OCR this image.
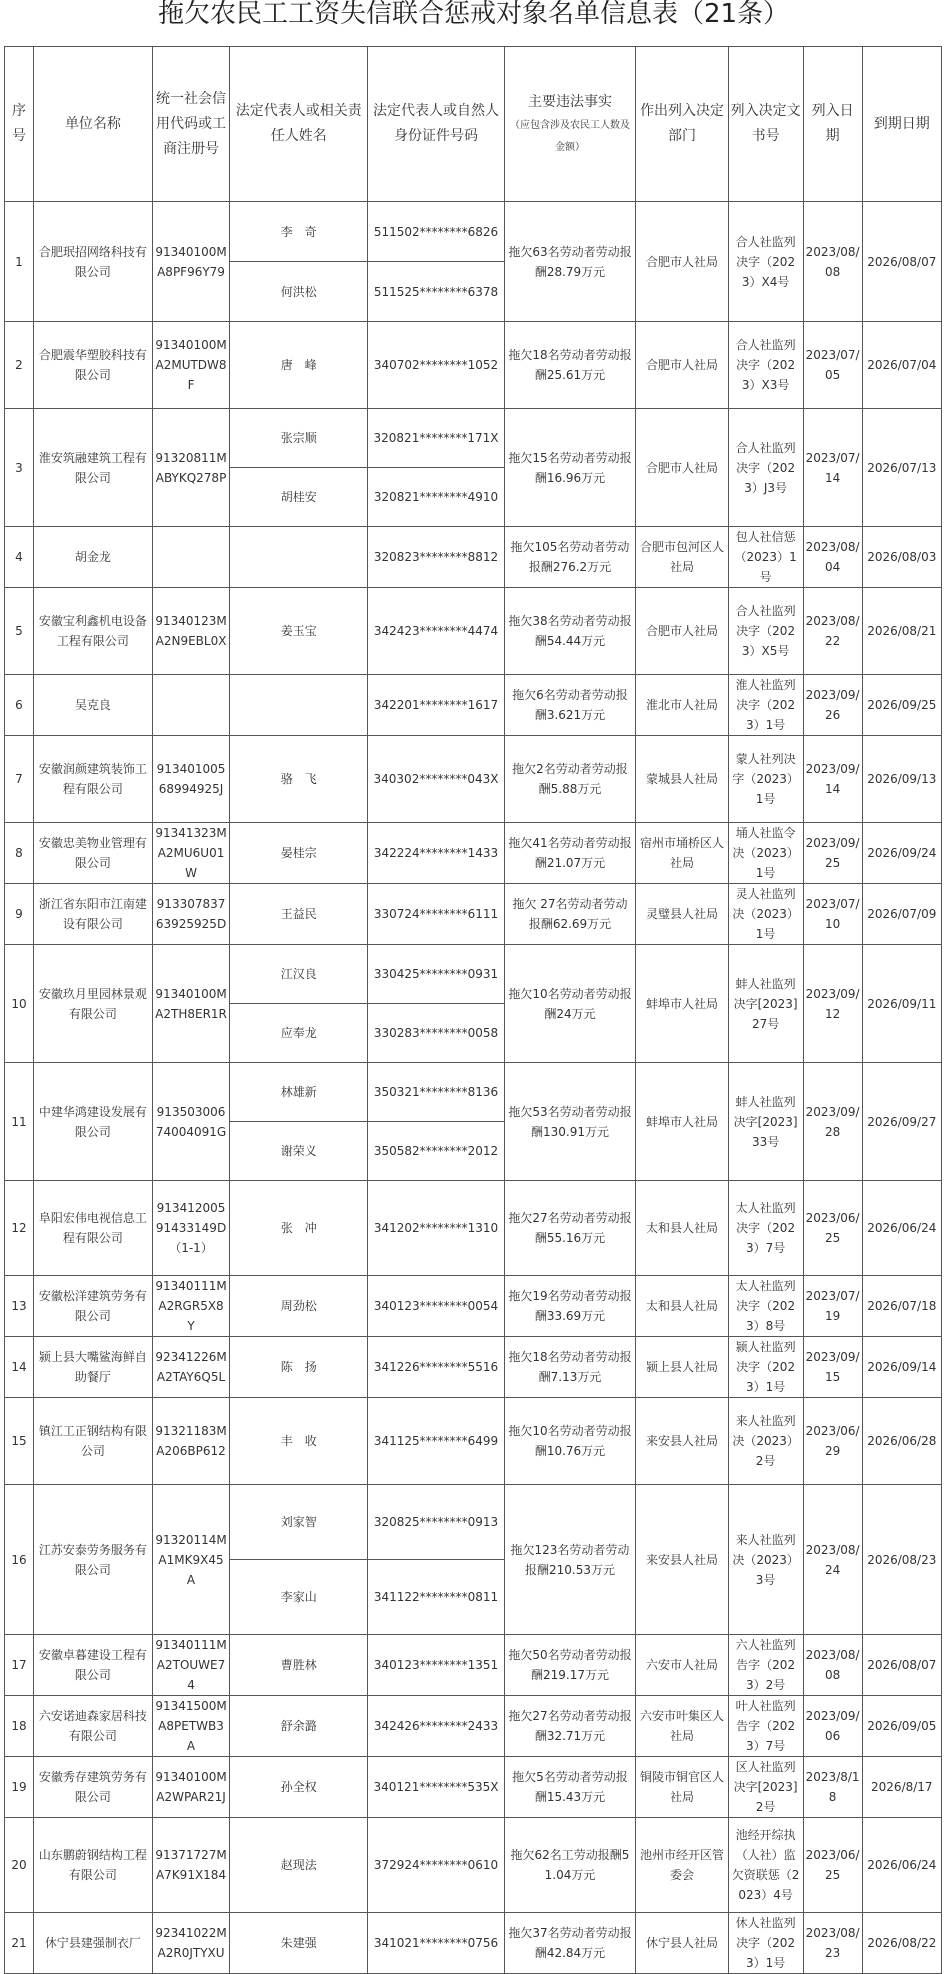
拖欠农民工工资失信联合惩戒对象名单信息表（21条）
序号	单位名称	统一社会信用代码或工商注册号	法定代表人或相关责任人姓名	法定代表人或自然人身份证件号码	主要违法事实
（应包含涉及农民工人数及金额）	作出列入决定部门	列入决定文书号	列入日期	到期日期
1	合肥珉招网络科技有限公司	91340100MA8PF96Y79	李　奇	511502********6826	拖欠63名劳动者劳动报酬28.79万元	合肥市人社局	合人社监列决字（2023）X4号	2023/08/08	2026/08/07
			何洪松	511525********6378					
2	合肥震华塑胶科技有限公司	91340100MA2MUTDW8F	唐　峰	340702********1052	拖欠18名劳动者劳动报酬25.61万元	合肥市人社局	合人社监列决字（2023）X3号	2023/07/05	2026/07/04
3	淮安筑融建筑工程有限公司	91320811MABYKQ278P	张宗顺	320821********171X	拖欠15名劳动者劳动报酬16.96万元	合肥市人社局	合人社监列决字（2023）J3号	2023/07/14	2026/07/13
			胡桂安	320821********4910					
4	胡金龙			320823********8812	拖欠105名劳动者劳动报酬276.2万元	合肥市包河区人社局	包人社信惩（2023）1号	2023/08/04	2026/08/03
5	安徽宝利鑫机电设备工程有限公司	91340123MA2N9EBL0X	姜玉宝	342423********4474	拖欠38名劳动者劳动报酬54.44万元	合肥市人社局	合人社监列决字（2023）X5号	2023/08/22	2026/08/21
6	吴克良			342201********1617	拖欠6名劳动者劳动报酬3.621万元	淮北市人社局	淮人社监列决字（2023）1号	2023/09/26	2026/09/25
7	安徽润颜建筑装饰工程有限公司	91340100568994925J	骆　飞	340302********043X	拖欠2名劳动者劳动报酬5.88万元	蒙城县人社局	蒙人社列决字（2023）1号	2023/09/14	2026/09/13
8	安徽忠美物业管理有限公司	91341323MA2MU6U01W	晏桂宗	342224********1433	拖欠41名劳动者劳动报酬21.07万元	宿州市埇桥区人社局	埇人社监令决（2023）1号	2023/09/25	2026/09/24
9	浙江省东阳市江南建设有限公司	91330783763925925D	王益民	330724********6111	拖欠 27名劳动者劳动报酬62.69万元	灵璧县人社局	灵人社监列决（2023）1号	2023/07/10	2026/07/09
10	安徽玖月里园林景观有限公司	91340100MA2TH8ER1R	江汉良	330425********0931	拖欠10名劳动者劳动报酬24万元	蚌埠市人社局	蚌人社监列决字[2023]27号	2023/09/12	2026/09/11
			应奉龙	330283********0058					
11	中建华鸿建设发展有限公司	91350300674004091G	林雄新	350321********8136	拖欠53名劳动者劳动报酬130.91万元	蚌埠市人社局	蚌人社监列决字[2023]33号	2023/09/28	2026/09/27
			谢荣义	350582********2012					
12	阜阳宏伟电视信息工程有限公司	91341200591433149D（1-1）	张　冲	341202********1310	拖欠27名劳动者劳动报酬55.16万元	太和县人社局	太人社监列决字（2023）7号	2023/06/25	2026/06/24
13	安徽松洋建筑劳务有限公司	91340111MA2RGR5X8Y	周劲松	340123********0054	拖欠19名劳动者劳动报酬33.69万元	太和县人社局	太人社监列决字（2023）8号	2023/07/19	2026/07/18
14	颍上县大嘴鲨海鲜自助餐厅	92341226MA2TAY6Q5L	陈　扬	341226********5516	拖欠18名劳动者劳动报酬7.13万元	颍上县人社局	颍人社监列决字（2023）1号	2023/09/15	2026/09/14
15	镇江工正钢结构有限公司	91321183MA206BP612	丰　收	341125********6499	拖欠10名劳动者劳动报酬10.76万元	来安县人社局	来人社监列决（2023）2号	2023/06/29	2026/06/28
16	江苏安泰劳务服务有限公司	91320114MA1MK9X45A	刘家智	320825********0913	拖欠123名劳动者劳动报酬210.53万元	来安县人社局	来人社监列决（2023）3号	2023/08/24	2026/08/23
			李家山	341122********0811					
17	安徽卓暮建设工程有限公司	91340111MA2TOUWE74	曹胜林	340123********1351	拖欠50名劳动者劳动报酬219.17万元	六安市人社局	六人社监列告字（2023）2号	2023/08/08	2026/08/07
18	六安诺迪森家居科技有限公司	91341500MA8PETWB3A	舒余潞	342426********2433	拖欠27名劳动者劳动报酬32.71万元	六安市叶集区人社局	叶人社监列告字（2023）7号	2023/09/06	2026/09/05
19	安徽秀存建筑劳务有限公司	91340100MA2WPAR21J	孙全权	340121********535X	拖欠5名劳动者劳动报酬15.43万元	铜陵市铜官区人社局	区人社监列决字[2023]2号	2023/8/18	2026/8/17
20	山东鹏蔚钢结构工程有限公司	91371727MA7K91X184	赵现法	372924********0610	拖欠62名工劳动报酬51.04万元	池州市经开区管委会	池经开综执（人社）监欠资联惩（2023）4号	2023/06/25	2026/06/24
21	休宁县建强制衣厂	92341022MA2R0JTYXU	朱建强	341021********0756	拖欠37名劳动者劳动报酬42.84万元	休宁县人社局	休人社监列决字（2023）1号	2023/08/23	2026/08/22
